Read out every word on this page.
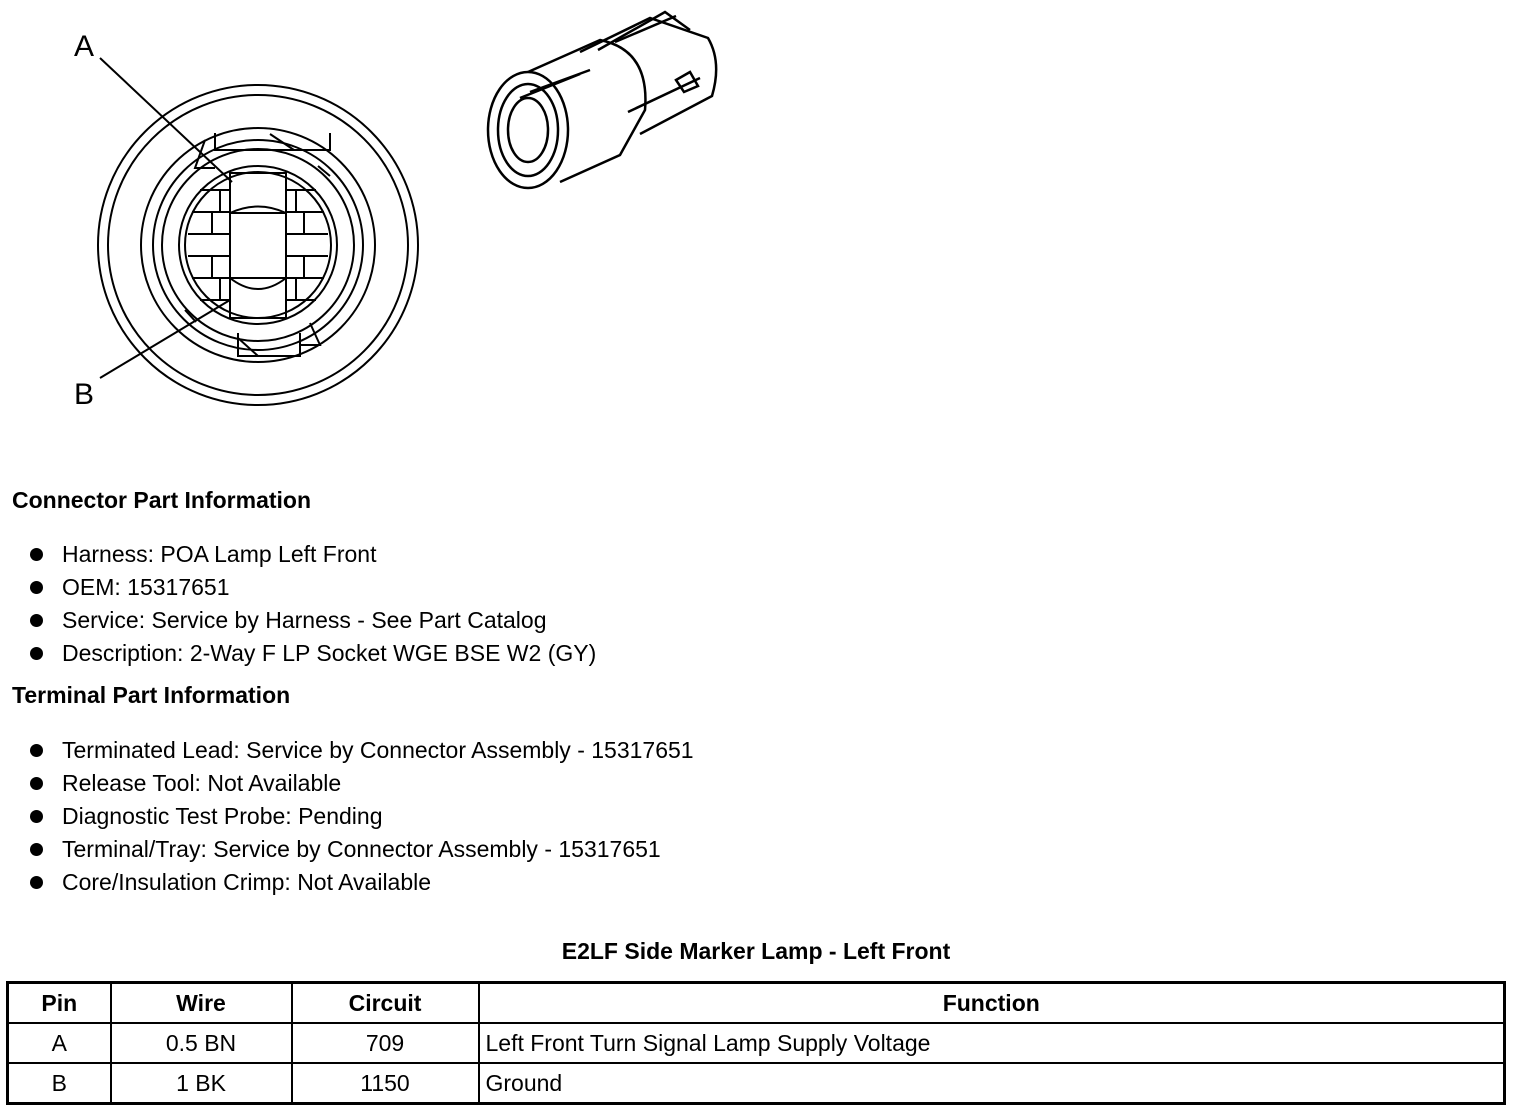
A
B
Connector Part Information
Harness: POA Lamp Left Front
OEM: 15317651
Service: Service by Harness - See Part Catalog
Description: 2-Way F LP Socket WGE BSE W2 (GY)
Terminal Part Information
Terminated Lead: Service by Connector Assembly - 15317651
Release Tool: Not Available
Diagnostic Test Probe: Pending
Terminal/Tray: Service by Connector Assembly - 15317651
Core/Insulation Crimp: Not Available
E2LF Side Marker Lamp - Left Front
Pin	Wire	Circuit	Function
A	0.5 BN	709	Left Front Turn Signal Lamp Supply Voltage
B	1 BK	1150	Ground
